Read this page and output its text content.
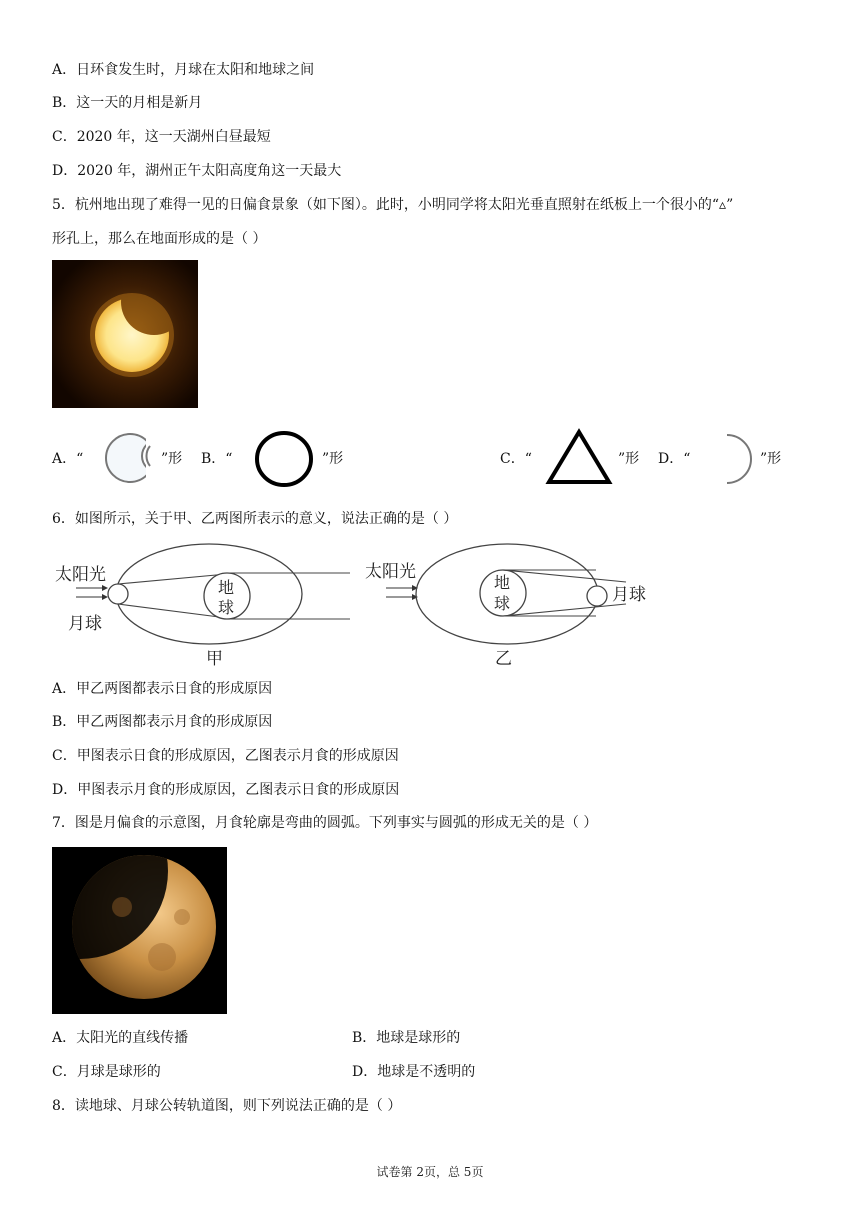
A．日环食发生时，月球在太阳和地球之间
B．这一天的月相是新月
C．2020 年，这一天湖州白昼最短
D．2020 年，湖州正午太阳高度角这一天最大
5．杭州地出现了难得一见的日偏食景象（如下图）。此时，小明同学将太阳光垂直照射在纸板上一个很小的“▵”
形孔上，那么在地面形成的是（ ）
A．“	”形 B．“	”形	C．“	”形 D．“	”形
6．如图所示，关于甲、乙两图所表示的意义，说法正确的是（ ）
太阳光
地
球
月球
甲
太阳光
地
球	月球
乙
A．甲乙两图都表示日食的形成原因
B．甲乙两图都表示月食的形成原因
C．甲图表示日食的形成原因，乙图表示月食的形成原因
D．甲图表示月食的形成原因，乙图表示日食的形成原因
7．图是月偏食的示意图，月食轮廓是弯曲的圆弧。下列事实与圆弧的形成无关的是（ ）
A．太阳光的直线传播	B．地球是球形的
C．月球是球形的	D．地球是不透明的
8．读地球、月球公转轨道图，则下列说法正确的是（ ）
试卷第 2页，总 5页
